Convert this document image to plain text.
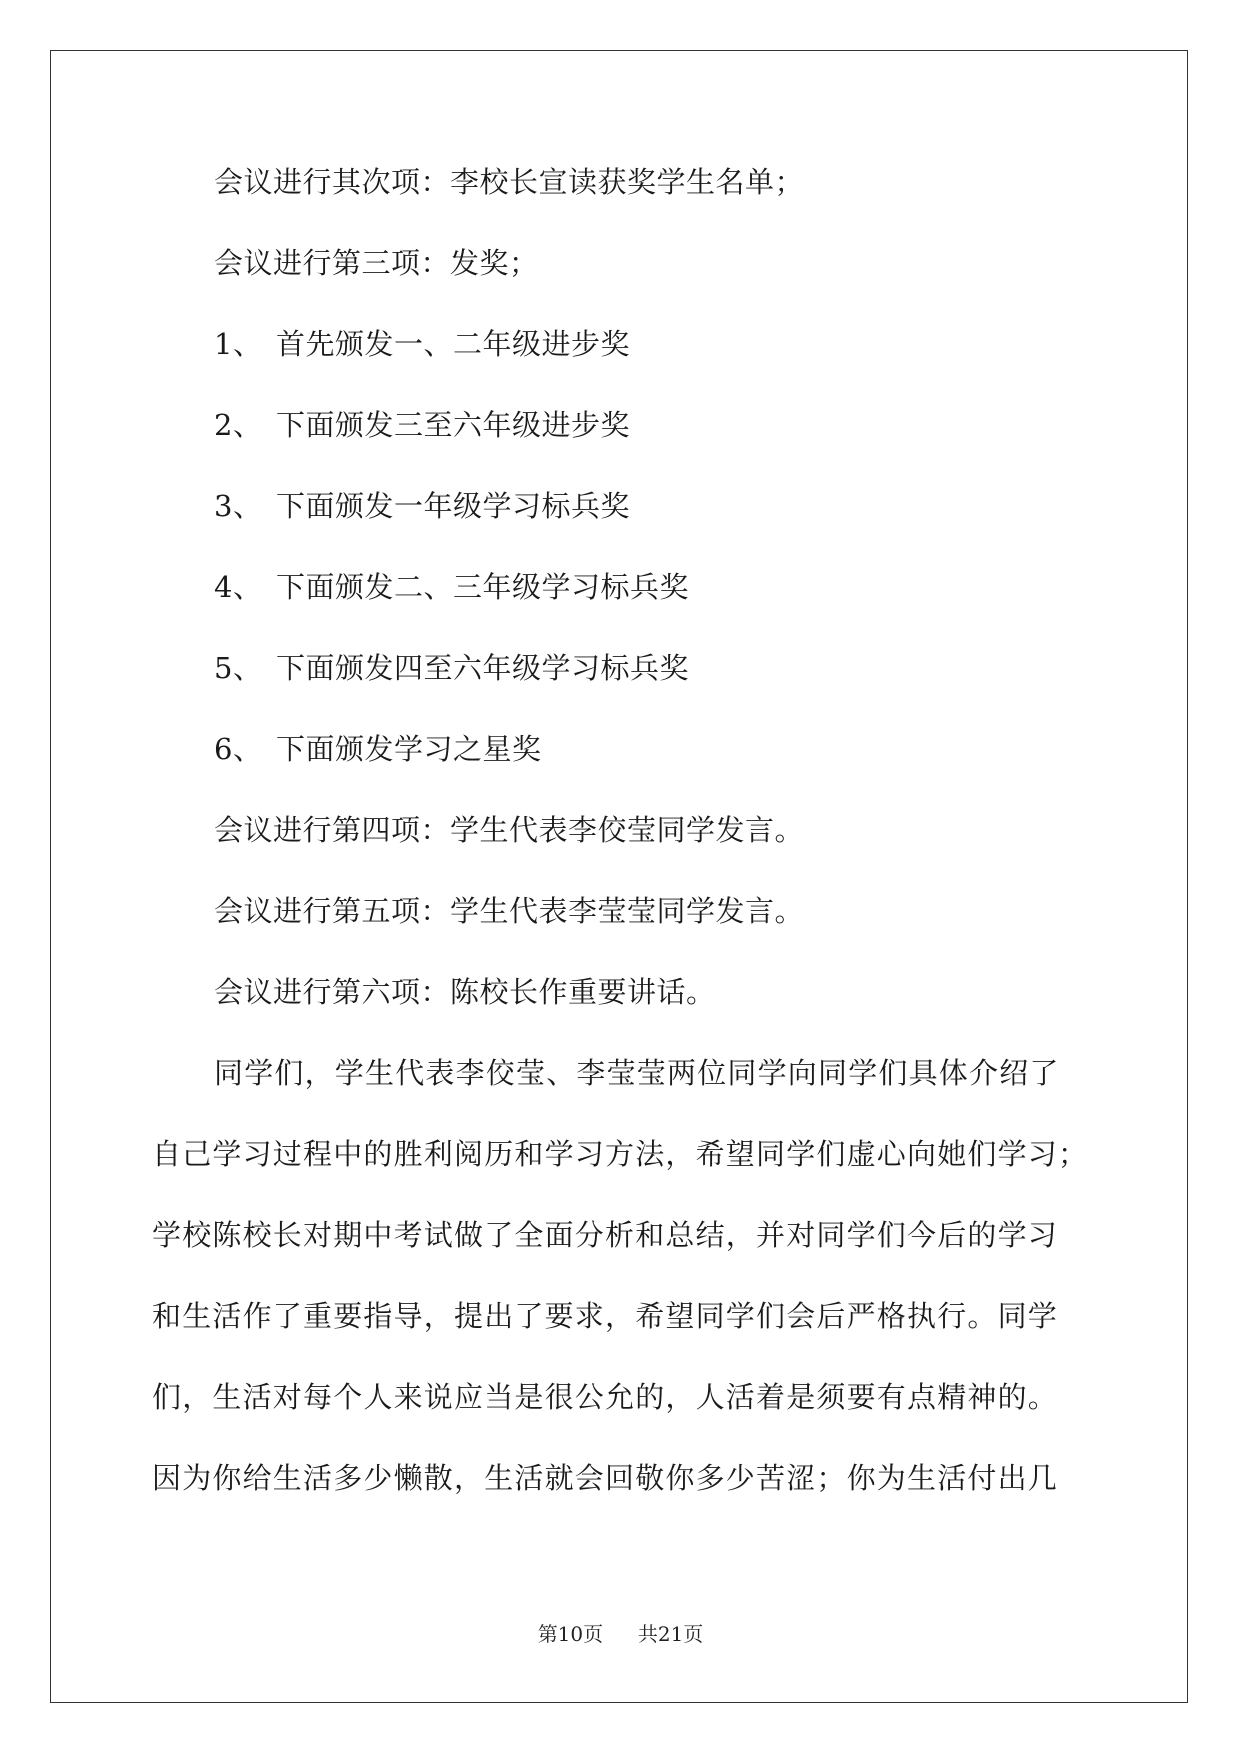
会议进行其次项：李校长宣读获奖学生名单；

会议进行第三项：发奖；

1、 首先颁发一、二年级进步奖

2、 下面颁发三至六年级进步奖

3、 下面颁发一年级学习标兵奖

4、 下面颁发二、三年级学习标兵奖

5、 下面颁发四至六年级学习标兵奖

6、 下面颁发学习之星奖

会议进行第四项：学生代表李佼莹同学发言。

会议进行第五项：学生代表李莹莹同学发言。

会议进行第六项：陈校长作重要讲话。

同学们，学生代表李佼莹、李莹莹两位同学向同学们具体介绍了

自己学习过程中的胜利阅历和学习方法，希望同学们虚心向她们学习；

学校陈校长对期中考试做了全面分析和总结，并对同学们今后的学习

和生活作了重要指导，提出了要求，希望同学们会后严格执行。同学

们，生活对每个人来说应当是很公允的，人活着是须要有点精神的。

因为你给生活多少懒散，生活就会回敬你多少苦涩；你为生活付出几

第10页 共21页
